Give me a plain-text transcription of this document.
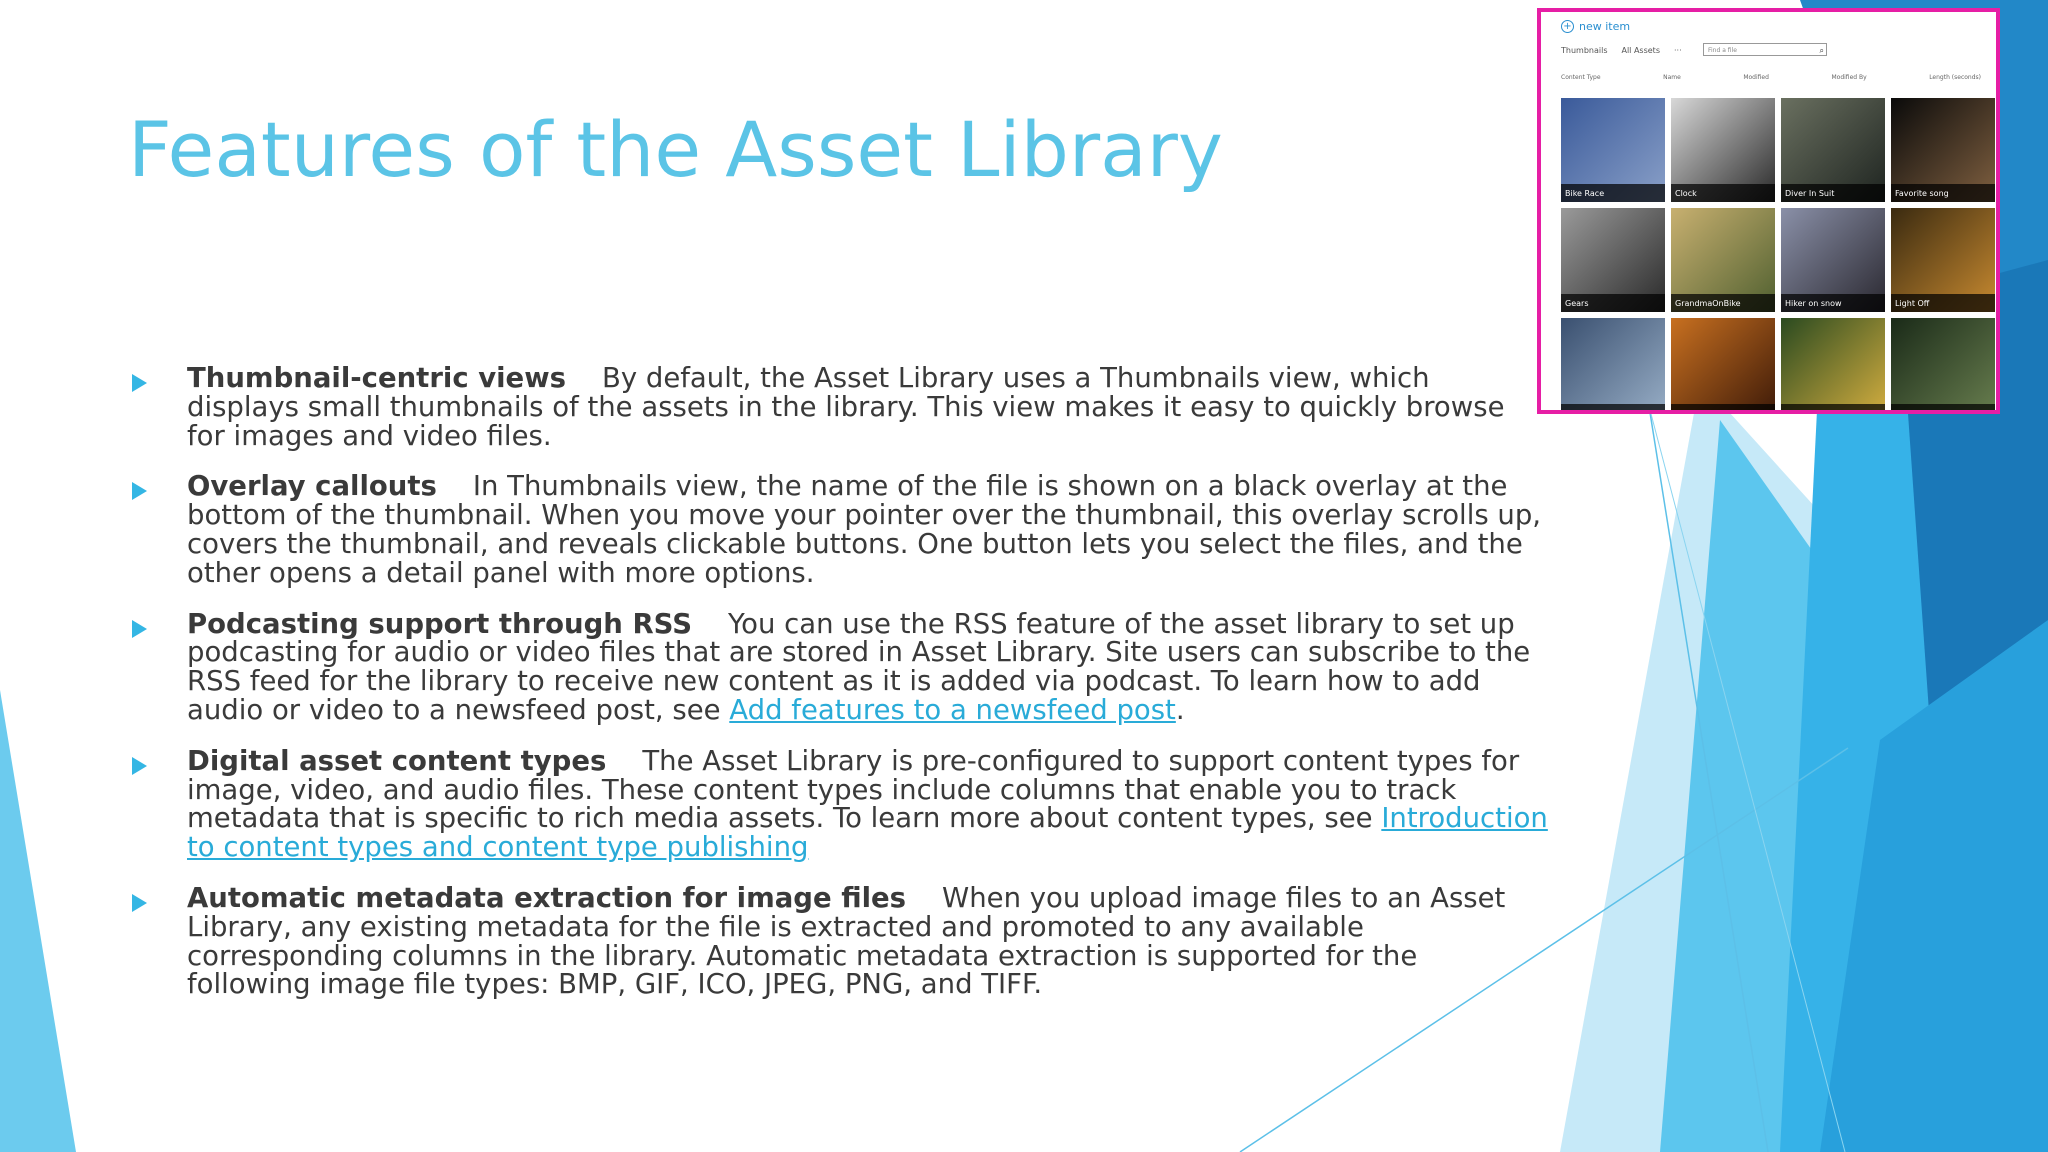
Features of the Asset Library

Thumbnail-centric views By default, the Asset Library uses a Thumbnails view, which displays small thumbnails of the assets in the library. This view makes it easy to quickly browse for images and video files.

Overlay callouts In Thumbnails view, the name of the file is shown on a black overlay at the bottom of the thumbnail. When you move your pointer over the thumbnail, this overlay scrolls up, covers the thumbnail, and reveals clickable buttons. One button lets you select the files, and the other opens a detail panel with more options.

Podcasting support through RSS You can use the RSS feature of the asset library to set up podcasting for audio or video files that are stored in Asset Library. Site users can subscribe to the RSS feed for the library to receive new content as it is added via podcast. To learn how to add audio or video to a newsfeed post, see Add features to a newsfeed post.

Digital asset content types The Asset Library is pre-configured to support content types for image, video, and audio files. These content types include columns that enable you to track metadata that is specific to rich media assets. To learn more about content types, see Introduction to content types and content type publishing

Automatic metadata extraction for image files When you upload image files to an Asset Library, any existing metadata for the file is extracted and promoted to any available corresponding columns in the library. Automatic metadata extraction is supported for the following image file types: BMP, GIF, ICO, JPEG, PNG, and TIFF.

+ new item
Thumbnails All Assets ···	Find a file	⌕
Content Type	Name	Modified	Modified By	Length (seconds)
Bike Race	Clock	Diver In Suit	Favorite song
Gears	GrandmaOnBike	Hiker on snow	Light Off
RowingCrew_01	Snooze alarm	Spring ride	Storm
